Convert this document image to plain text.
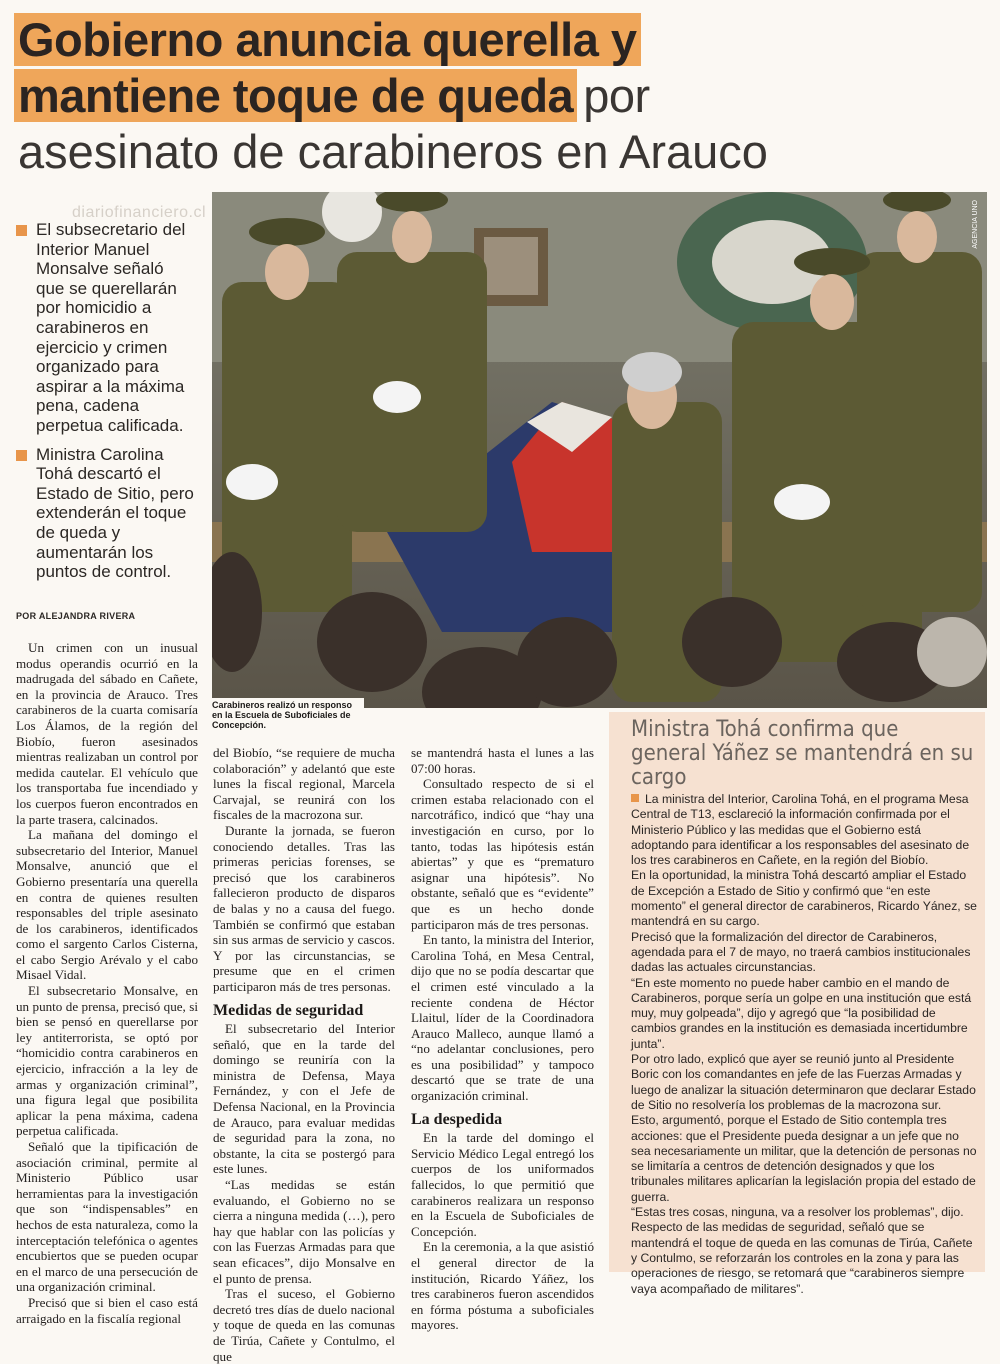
Gobierno anuncia querella y
mantiene toque de queda por
asesinato de carabineros en Arauco
diariofinanciero.cl
El subsecretario del Interior Manuel Monsalve señaló que se querellarán por homicidio a carabineros en ejercicio y crimen organizado para aspirar a la máxima pena, cadena perpetua calificada.
Ministra Carolina Tohá descartó el Estado de Sitio, pero extenderán el toque de queda y aumentarán los puntos de control.
POR ALEJANDRA RIVERA
AGENCIA UNO
Carabineros realizó un responso en la Escuela de Suboficiales de Concepción.

Un crimen con un inusual modus operandis ocurrió en la madrugada del sábado en Cañete, en la provincia de Arauco. Tres carabineros de la cuarta comisaría Los Álamos, de la región del Biobío, fueron asesinados mientras realizaban un control por medida cautelar. El vehículo que los transportaba fue incendiado y los cuerpos fueron encontrados en la parte trasera, calcinados.

La mañana del domingo el subsecretario del Interior, Manuel Monsalve, anunció que el Gobierno presentaría una querella en contra de quienes resulten responsables del triple asesinato de los carabineros, identificados como el sargento Carlos Cisterna, el cabo Sergio Arévalo y el cabo Misael Vidal.

El subsecretario Monsalve, en un punto de prensa, precisó que, si bien se pensó en querellarse por ley antiterrorista, se optó por “homicidio contra carabineros en ejercicio, infracción a la ley de armas y organización criminal”, una figura legal que posibilita aplicar la pena máxima, cadena perpetua calificada.

Señaló que la tipificación de asociación criminal, permite al Ministerio Público usar herramientas para la investigación que son “indispensables” en hechos de esta naturaleza, como la interceptación telefónica o agentes encubiertos que se pueden ocupar en el marco de una persecución de una organización criminal.

Precisó que si bien el caso está arraigado en la fiscalía regional

del Biobío, “se requiere de mucha colaboración” y adelantó que este lunes la fiscal regional, Marcela Carvajal, se reunirá con los fiscales de la macrozona sur.

Durante la jornada, se fueron conociendo detalles. Tras las primeras pericias forenses, se precisó que los carabineros fallecieron producto de disparos de balas y no a causa del fuego. También se confirmó que estaban sin sus armas de servicio y cascos. Y por las circunstancias, se presume que en el crimen participaron más de tres personas.

Medidas de seguridad

El subsecretario del Interior señaló, que en la tarde del domingo se reuniría con la ministra de Defensa, Maya Fernández, y con el Jefe de Defensa Nacional, en la Provincia de Arauco, para evaluar medidas de seguridad para la zona, no obstante, la cita se postergó para este lunes.

“Las medidas se están evaluando, el Gobierno no se cierra a ninguna medida (…), pero hay que hablar con las policías y con las Fuerzas Armadas para que sean eficaces”, dijo Monsalve en el punto de prensa.

Tras el suceso, el Gobierno decretó tres días de duelo nacional y toque de queda en las comunas de Tirúa, Cañete y Contulmo, el que

se mantendrá hasta el lunes a las 07:00 horas.

Consultado respecto de si el crimen estaba relacionado con el narcotráfico, indicó que “hay una investigación en curso, por lo tanto, todas las hipótesis están abiertas” y que es “prematuro asignar una hipótesis”. No obstante, señaló que es “evidente” que es un hecho donde participaron más de tres personas.

En tanto, la ministra del Interior, Carolina Tohá, en Mesa Central, dijo que no se podía descartar que el crimen esté vinculado a la reciente condena de Héctor Llaitul, líder de la Coordinadora Arauco Malleco, aunque llamó a “no adelantar conclusiones, pero es una posibilidad” y tampoco descartó que se trate de una organización criminal.

La despedida

En la tarde del domingo el Servicio Médico Legal entregó los cuerpos de los uniformados fallecidos, lo que permitió que carabineros realizara un responso en la Escuela de Suboficiales de Concepción.

En la ceremonia, a la que asistió el general director de la institución, Ricardo Yáñez, los tres carabineros fueron ascendidos en fórma póstuma a suboficiales mayores.

Ministra Tohá confirma que general Yáñez se mantendrá en su cargo

La ministra del Interior, Carolina Tohá, en el programa Mesa Central de T13, esclareció la información confirmada por el Ministerio Público y las medidas que el Gobierno está adoptando para identificar a los responsables del asesinato de los tres carabineros en Cañete, en la región del Biobío.

En la oportunidad, la ministra Tohá descartó ampliar el Estado de Excepción a Estado de Sitio y confirmó que “en este momento” el general director de carabineros, Ricardo Yánez, se mantendrá en su cargo.

Precisó que la formalización del director de Carabineros, agendada para el 7 de mayo, no traerá cambios institucionales dadas las actuales circunstancias.

“En este momento no puede haber cambio en el mando de Carabineros, porque sería un golpe en una institución que está muy, muy golpeada”, dijo y agregó que “la posibilidad de cambios grandes en la institución es demasiada incertidumbre junta”.

Por otro lado, explicó que ayer se reunió junto al Presidente Boric con los comandantes en jefe de las Fuerzas Armadas y luego de analizar la situación determinaron que declarar Estado de Sitio no resolvería los problemas de la macrozona sur.

Esto, argumentó, porque el Estado de Sitio contempla tres acciones: que el Presidente pueda designar a un jefe que no sea necesariamente un militar, que la detención de personas no se limitaría a centros de detención designados y que los tribunales militares aplicarían la legislación propia del estado de guerra.

“Estas tres cosas, ninguna, va a resolver los problemas”, dijo.

Respecto de las medidas de seguridad, señaló que se mantendrá el toque de queda en las comunas de Tirúa, Cañete y Contulmo, se reforzarán los controles en la zona y para las operaciones de riesgo, se retomará que “carabineros siempre vaya acompañado de militares”.
